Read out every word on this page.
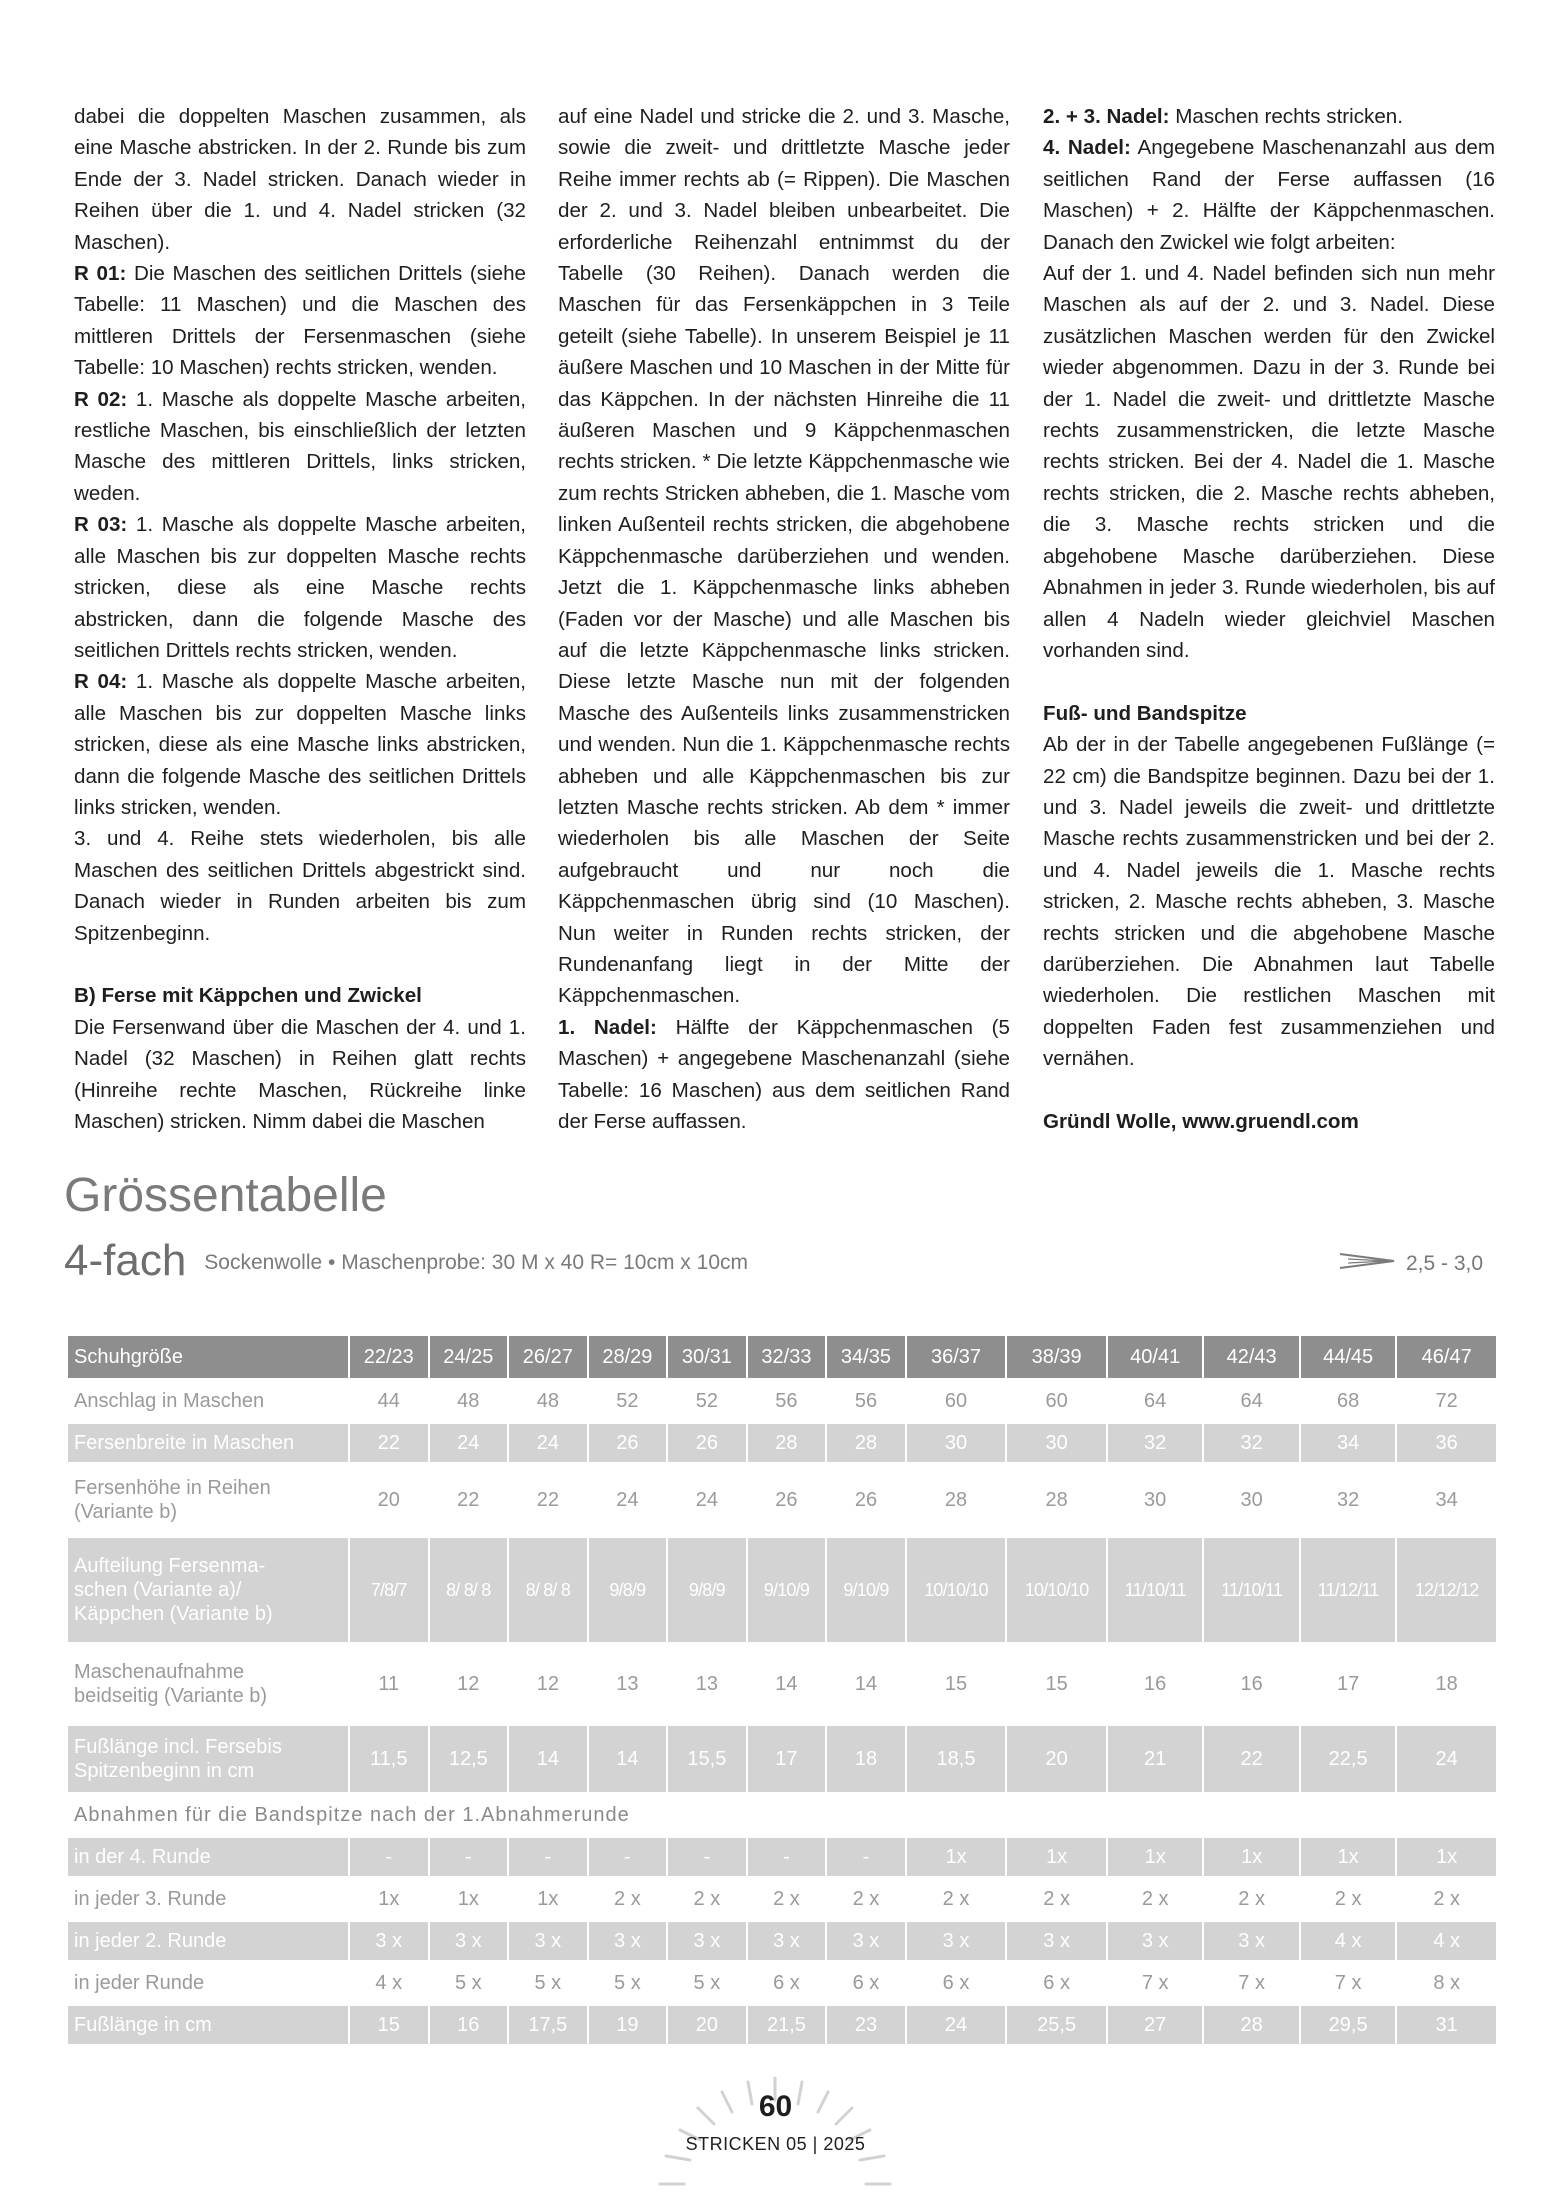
dabei die doppelten Maschen zusammen, als eine Masche abstricken. In der 2. Runde bis zum Ende der 3. Nadel stricken. Danach wieder in Reihen über die 1. und 4. Nadel stricken (32 Maschen).

R 01: Die Maschen des seitlichen Drittels (siehe Tabelle: 11 Maschen) und die Maschen des mittleren Drittels der Fersenmaschen (siehe Tabelle: 10 Maschen) rechts stricken, wenden.

R 02: 1. Masche als doppelte Masche arbeiten, restliche Maschen, bis einschließlich der letzten Masche des mittleren Drittels, links stricken, weden.

R 03: 1. Masche als doppelte Masche arbeiten, alle Maschen bis zur doppelten Masche rechts stricken, diese als eine Masche rechts abstricken, dann die folgende Masche des seitlichen Drittels rechts stricken, wenden.

R 04: 1. Masche als doppelte Masche arbeiten, alle Maschen bis zur doppelten Masche links stricken, diese als eine Masche links abstricken, dann die folgende Masche des seitlichen Drittels links stricken, wenden.

3. und 4. Reihe stets wiederholen, bis alle Maschen des seitlichen Drittels abgestrickt sind. Danach wieder in Runden arbeiten bis zum Spitzenbeginn.

B) Ferse mit Käppchen und Zwickel

Die Fersenwand über die Maschen der 4. und 1. Nadel (32 Maschen) in Reihen glatt rechts (Hinreihe rechte Maschen, Rückreihe linke Maschen) stricken. Nimm dabei die Maschen

auf eine Nadel und stricke die 2. und 3. Masche, sowie die zweit- und drittletzte Masche jeder Reihe immer rechts ab (= Rippen). Die Maschen der 2. und 3. Nadel bleiben unbearbeitet. Die erforderliche Reihenzahl entnimmst du der Tabelle (30 Reihen). Danach werden die Maschen für das Fersenkäppchen in 3 Teile geteilt (siehe Tabelle). In unserem Beispiel je 11 äußere Maschen und 10 Maschen in der Mitte für das Käppchen. In der nächsten Hinreihe die 11 äußeren Maschen und 9 Käppchenmaschen rechts stricken. * Die letzte Käppchenmasche wie zum rechts Stricken abheben, die 1. Masche vom linken Außenteil rechts stricken, die abgehobene Käppchenmasche darüberziehen und wenden. Jetzt die 1. Käppchenmasche links abheben (Faden vor der Masche) und alle Maschen bis auf die letzte Käppchenmasche links stricken. Diese letzte Masche nun mit der folgenden Masche des Außenteils links zusammenstricken und wenden. Nun die 1. Käppchenmasche rechts abheben und alle Käppchenmaschen bis zur letzten Masche rechts stricken. Ab dem * immer wiederholen bis alle Maschen der Seite aufgebraucht und nur noch die Käppchenmaschen übrig sind (10 Maschen). Nun weiter in Runden rechts stricken, der Rundenanfang liegt in der Mitte der Käppchenmaschen.

1. Nadel: Hälfte der Käppchenmaschen (5 Maschen) + angegebene Maschenanzahl (siehe Tabelle: 16 Maschen) aus dem seitlichen Rand der Ferse auffassen.

2. + 3. Nadel: Maschen rechts stricken.

4. Nadel: Angegebene Maschenanzahl aus dem seitlichen Rand der Ferse auffassen (16 Maschen) + 2. Hälfte der Käppchenmaschen. Danach den Zwickel wie folgt arbeiten:

Auf der 1. und 4. Nadel befinden sich nun mehr Maschen als auf der 2. und 3. Nadel. Diese zusätzlichen Maschen werden für den Zwickel wieder abgenommen. Dazu in der 3. Runde bei der 1. Nadel die zweit- und drittletzte Masche rechts zusammenstricken, die letzte Masche rechts stricken. Bei der 4. Nadel die 1. Masche rechts stricken, die 2. Masche rechts abheben, die 3. Masche rechts stricken und die abgehobene Masche darüberziehen. Diese Abnahmen in jeder 3. Runde wiederholen, bis auf allen 4 Nadeln wieder gleichviel Maschen vorhanden sind.

Fuß- und Bandspitze

Ab der in der Tabelle angegebenen Fußlänge (= 22 cm) die Bandspitze beginnen. Dazu bei der 1. und 3. Nadel jeweils die zweit- und drittletzte Masche rechts zusammenstricken und bei der 2. und 4. Nadel jeweils die 1. Masche rechts stricken, 2. Masche rechts abheben, 3. Masche rechts stricken und die abgehobene Masche darüberziehen. Die Abnahmen laut Tabelle wiederholen. Die restlichen Maschen mit doppelten Faden fest zusammenziehen und vernähen.

Gründl Wolle, www.gruendl.com
Grössentabelle
4-fach Sockenwolle • Maschenprobe: 30 M x 40 R= 10cm x 10cm	2,5 - 3,0
Schuhgröße	22/23	24/25	26/27	28/29	30/31	32/33	34/35	36/37	38/39	40/41	42/43	44/45	46/47
Anschlag in Maschen	44	48	48	52	52	56	56	60	60	64	64	68	72
Fersenbreite in Maschen	22	24	24	26	26	28	28	30	30	32	32	34	36
Fersenhöhe in Reihen
(Variante b)	20	22	22	24	24	26	26	28	28	30	30	32	34
Aufteilung Fersenma-
schen (Variante a)/
Käppchen (Variante b)	7/8/7	8/ 8/ 8	8/ 8/ 8	9/8/9	9/8/9	9/10/9	9/10/9	10/10/10	10/10/10	11/10/11	11/10/11	11/12/11	12/12/12
Maschenaufnahme
beidseitig (Variante b)	11	12	12	13	13	14	14	15	15	16	16	17	18
Fußlänge incl. Fersebis
Spitzenbeginn in cm	11,5	12,5	14	14	15,5	17	18	18,5	20	21	22	22,5	24
Abnahmen für die Bandspitze nach der 1.Abnahmerunde													
in der 4. Runde	-	-	-	-	-	-	-	1x	1x	1x	1x	1x	1x
in jeder 3. Runde	1x	1x	1x	2 x	2 x	2 x	2 x	2 x	2 x	2 x	2 x	2 x	2 x
in jeder 2. Runde	3 x	3 x	3 x	3 x	3 x	3 x	3 x	3 x	3 x	3 x	3 x	4 x	4 x
in jeder Runde	4 x	5 x	5 x	5 x	5 x	6 x	6 x	6 x	6 x	7 x	7 x	7 x	8 x
Fußlänge in cm	15	16	17,5	19	20	21,5	23	24	25,5	27	28	29,5	31
60
STRICKEN 05 | 2025
